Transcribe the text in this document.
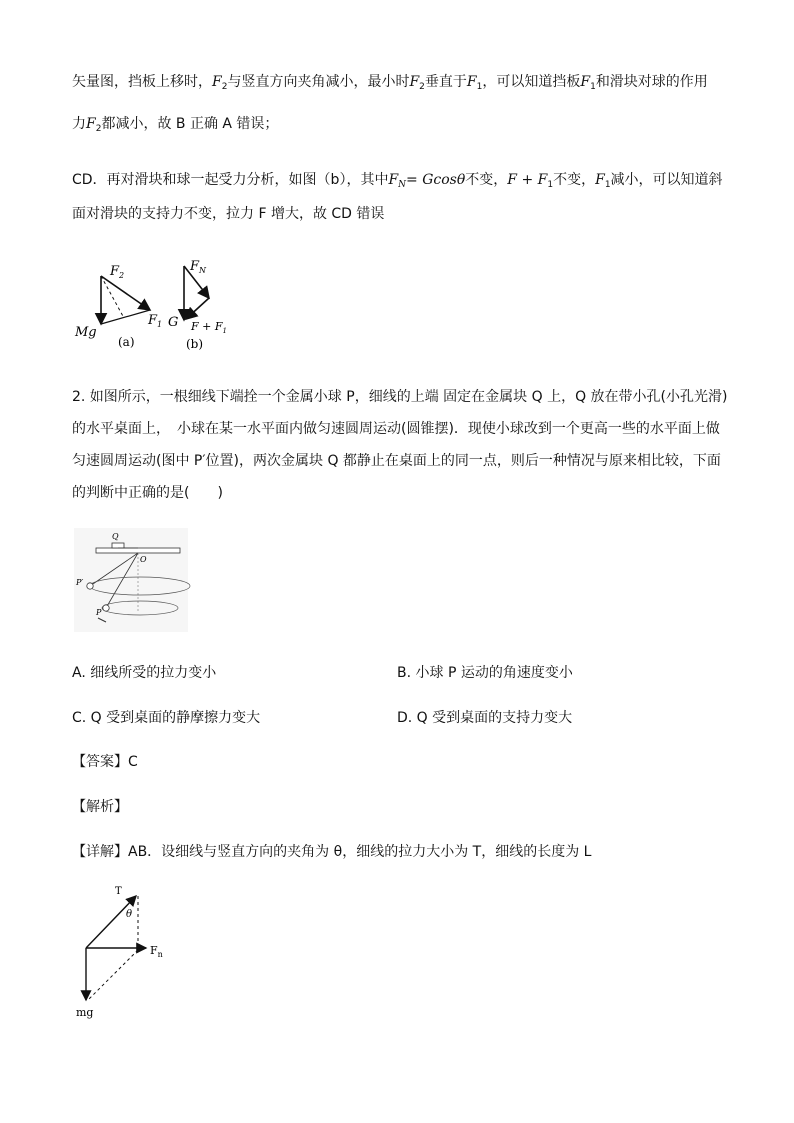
矢量图，挡板上移时，$F_2$与竖直方向夹角减小，最小时$F_2$垂直于$F_1$，可以知道挡板$F_1$和滑块对球的作用
力$F_2$都减小，故 B 正确 A 错误；
CD．再对滑块和球一起受力分析，如图（b），其中$F_N= Gcos\theta$不变，$F + F_1$不变，$F_1$减小，可以知道斜
面对滑块的支持力不变，拉力 F 增大，故 CD 错误
$F_2$
$F_1$
Mg
(a)
$F_N$
G $F + F_1$
(b)
2. 如图所示，一根细线下端拴一个金属小球 P，细线的上端 固定在金属块 Q 上，Q 放在带小孔(小孔光滑)
的水平桌面上，　小球在某一水平面内做匀速圆周运动(圆锥摆)．现使小球改到一个更高一些的水平面上做
匀速圆周运动(图中 P′位置)，两次金属块 Q 都静止在桌面上的同一点，则后一种情况与原来相比较，下面
的判断中正确的是(　　)
Q
O
P′
P
A. 细线所受的拉力变小	B. 小球 P 运动的角速度变小
C. Q 受到桌面的静摩擦力变大	D. Q 受到桌面的支持力变大
【答案】C
【解析】
【详解】AB．设细线与竖直方向的夹角为 θ，细线的拉力大小为 T，细线的长度为 L
T
θ
$F_n$
mg
